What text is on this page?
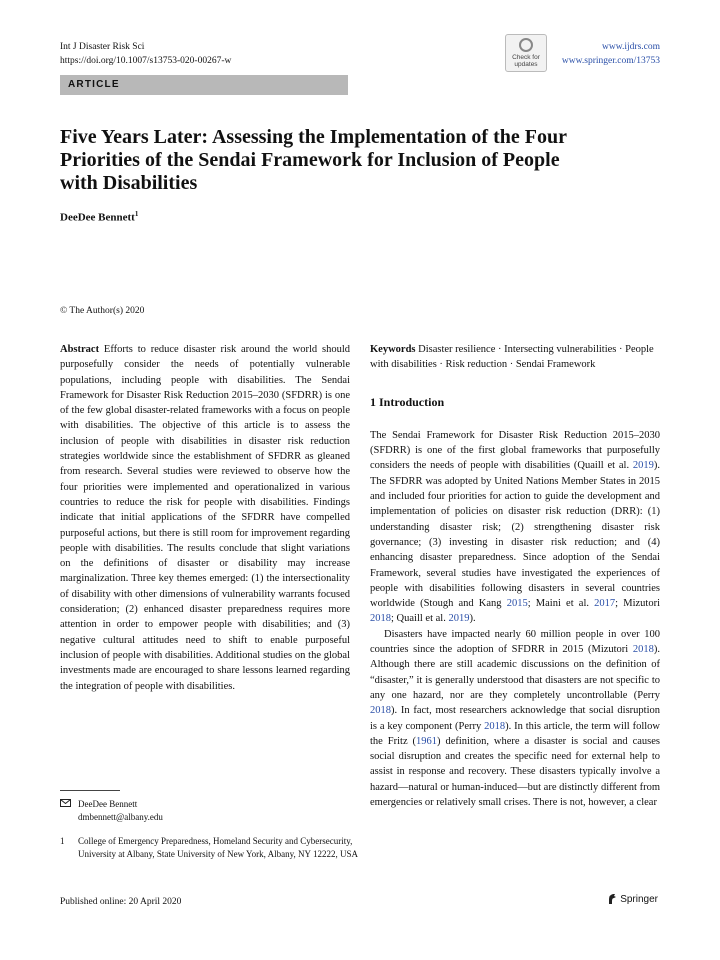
Int J Disaster Risk Sci
https://doi.org/10.1007/s13753-020-00267-w	Check for
updates
www.ijdrs.com
www.springer.com/13753
ARTICLE
Five Years Later: Assessing the Implementation of the Four Priorities of the Sendai Framework for Inclusion of People with Disabilities
DeeDee Bennett$^1$
© The Author(s) 2020

Abstract Efforts to reduce disaster risk around the world should purposefully consider the needs of potentially vulnerable populations, including people with disabilities. The Sendai Framework for Disaster Risk Reduction 2015–2030 (SFDRR) is one of the few global disaster-related frameworks with a focus on people with disabilities. The objective of this article is to assess the inclusion of people with disabilities in disaster risk reduction strategies worldwide since the establishment of SFDRR as gleaned from research. Several studies were reviewed to observe how the four priorities were implemented and operationalized in various countries to reduce the risk for people with disabilities. Findings indicate that initial applications of the SFDRR have compelled purposeful actions, but there is still room for improvement regarding people with disabilities. The results conclude that slight variations on the definitions of disaster or disability may increase marginalization. Three key themes emerged: (1) the intersectionality of disability with other dimensions of vulnerability warrants focused consideration; (2) enhanced disaster preparedness requires more attention in order to empower people with disabilities; and (3) negative cultural attitudes need to shift to enable purposeful inclusion of people with disabilities. Additional studies on the global investments made are encouraged to share lessons learned regarding the integration of people with disabilities.

Keywords Disaster resilience · Intersecting vulnerabilities · People with disabilities · Risk reduction · Sendai Framework

1 Introduction

The Sendai Framework for Disaster Risk Reduction 2015–2030 (SFDRR) is one of the first global frameworks that purposefully considers the needs of people with disabilities (Quaill et al. 2019). The SFDRR was adopted by United Nations Member States in 2015 and included four priorities for action to guide the development and implementation of policies on disaster risk reduction (DRR): (1) understanding disaster risk; (2) strengthening disaster risk governance; (3) investing in disaster risk reduction; and (4) enhancing disaster preparedness. Since adoption of the Sendai Framework, several studies have investigated the experiences of people with disabilities following disasters in several countries worldwide (Stough and Kang 2015; Maini et al. 2017; Mizutori 2018; Quaill et al. 2019).

Disasters have impacted nearly 60 million people in over 100 countries since the adoption of SFDRR in 2015 (Mizutori 2018). Although there are still academic discussions on the definition of “disaster,” it is generally understood that disasters are not specific to any one hazard, nor are they completely uncontrollable (Perry 2018). In fact, most researchers acknowledge that social disruption is a key component (Perry 2018). In this article, the term will follow the Fritz (1961) definition, where a disaster is social and causes social disruption and creates the specific need for external help to assist in response and recovery. These disasters typically involve a hazard—natural or human-induced—but are distinctly different from emergencies or relatively small crises. There is not, however, a clear

DeeDee Bennett
dmbennett@albany.edu
1	College of Emergency Preparedness, Homeland Security and Cybersecurity, University at Albany, State University of New York, Albany, NY 12222, USA
Published online: 20 April 2020	Springer
